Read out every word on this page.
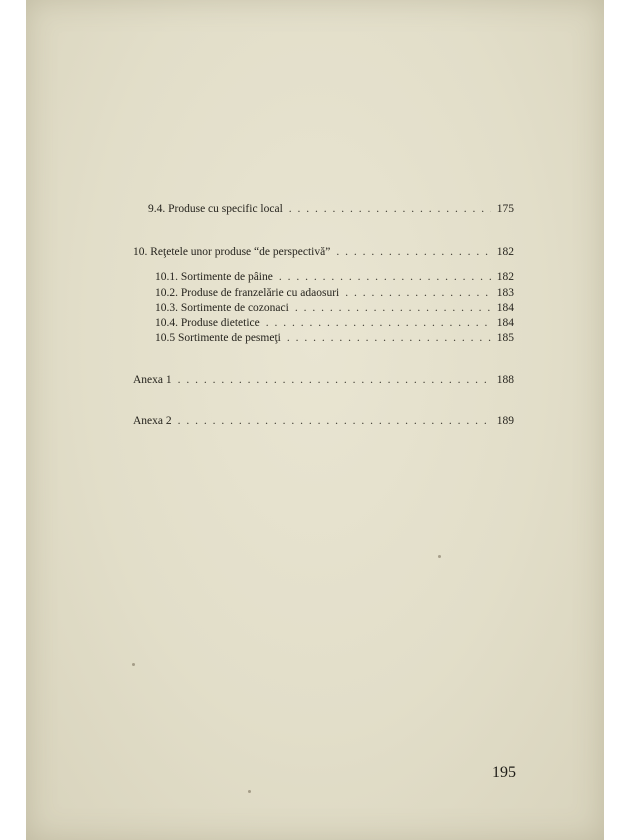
9.4. Produse cu specific local . . .	175
10. Reţetele unor produse “de perspectivă” . . .	182
10.1. Sortimente de pâine . . .	182
10.2. Produse de franzelărie cu adaosuri . . .	183
10.3. Sortimente de cozonaci . . .	184
10.4. Produse dietetice . . .	184
10.5 Sortimente de pesmeţi . . .	185
Anexa 1 . . .	188
Anexa 2 . . .	189
195
